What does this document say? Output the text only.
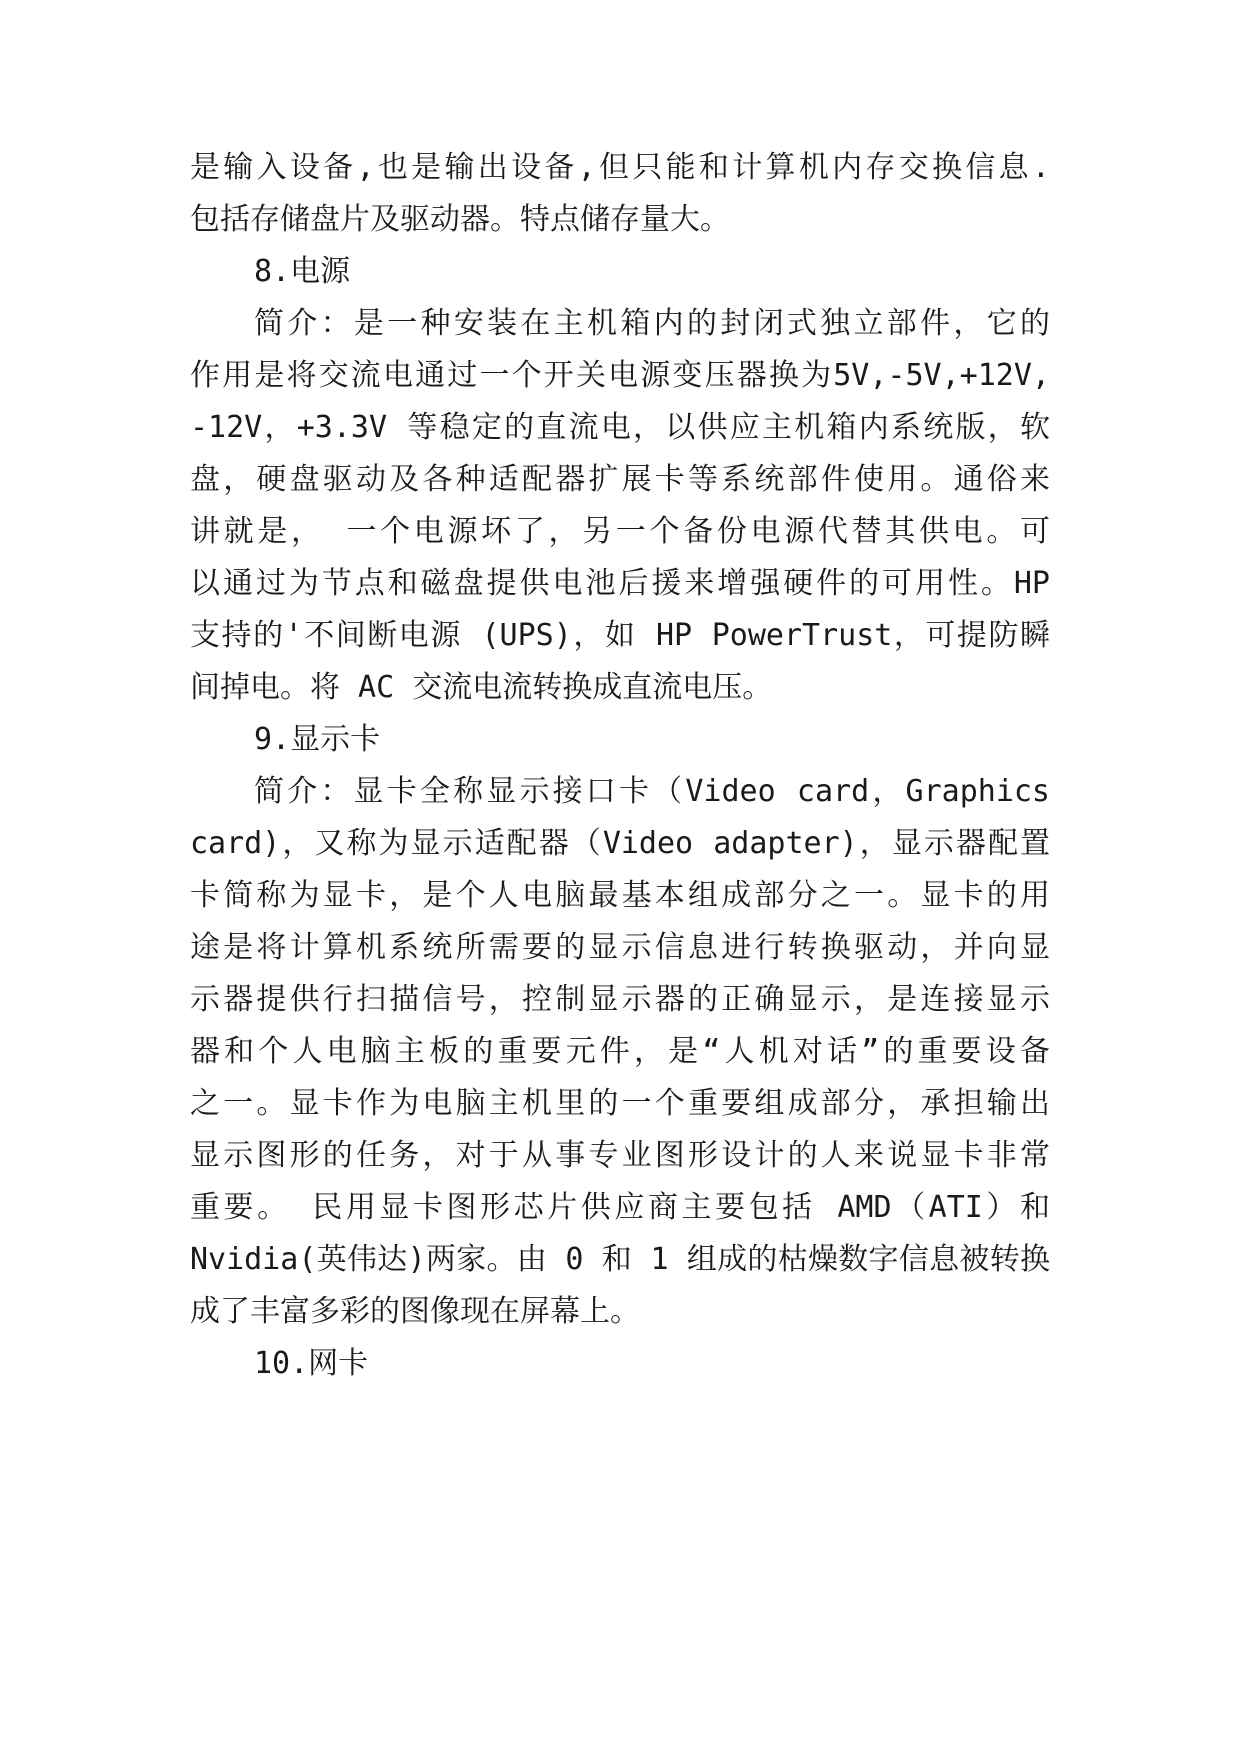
是输入设备,也是输出设备,但只能和计算机内存交换信息.
包括存储盘片及驱动器。特点储存量大。
8.电源
简介：是一种安装在主机箱内的封闭式独立部件，它的
作用是将交流电通过一个开关电源变压器换为5V,-5V,+12V,
-12V，+3.3V 等稳定的直流电，以供应主机箱内系统版，软
盘，硬盘驱动及各种适配器扩展卡等系统部件使用。通俗来
讲就是， 一个电源坏了，另一个备份电源代替其供电。可
以通过为节点和磁盘提供电池后援来增强硬件的可用性。HP
支持的'不间断电源 (UPS)，如 HP PowerTrust，可提防瞬
间掉电。将 AC 交流电流转换成直流电压。
9.显示卡
简介：显卡全称显示接口卡（Video card，Graphics
card)，又称为显示适配器（Video adapter)，显示器配置
卡简称为显卡，是个人电脑最基本组成部分之一。显卡的用
途是将计算机系统所需要的显示信息进行转换驱动，并向显
示器提供行扫描信号，控制显示器的正确显示，是连接显示
器和个人电脑主板的重要元件，是“人机对话”的重要设备
之一。显卡作为电脑主机里的一个重要组成部分，承担输出
显示图形的任务，对于从事专业图形设计的人来说显卡非常
重要。 民用显卡图形芯片供应商主要包括 AMD（ATI）和
Nvidia(英伟达)两家。由 0 和 1 组成的枯燥数字信息被转换
成了丰富多彩的图像现在屏幕上。
10.网卡
